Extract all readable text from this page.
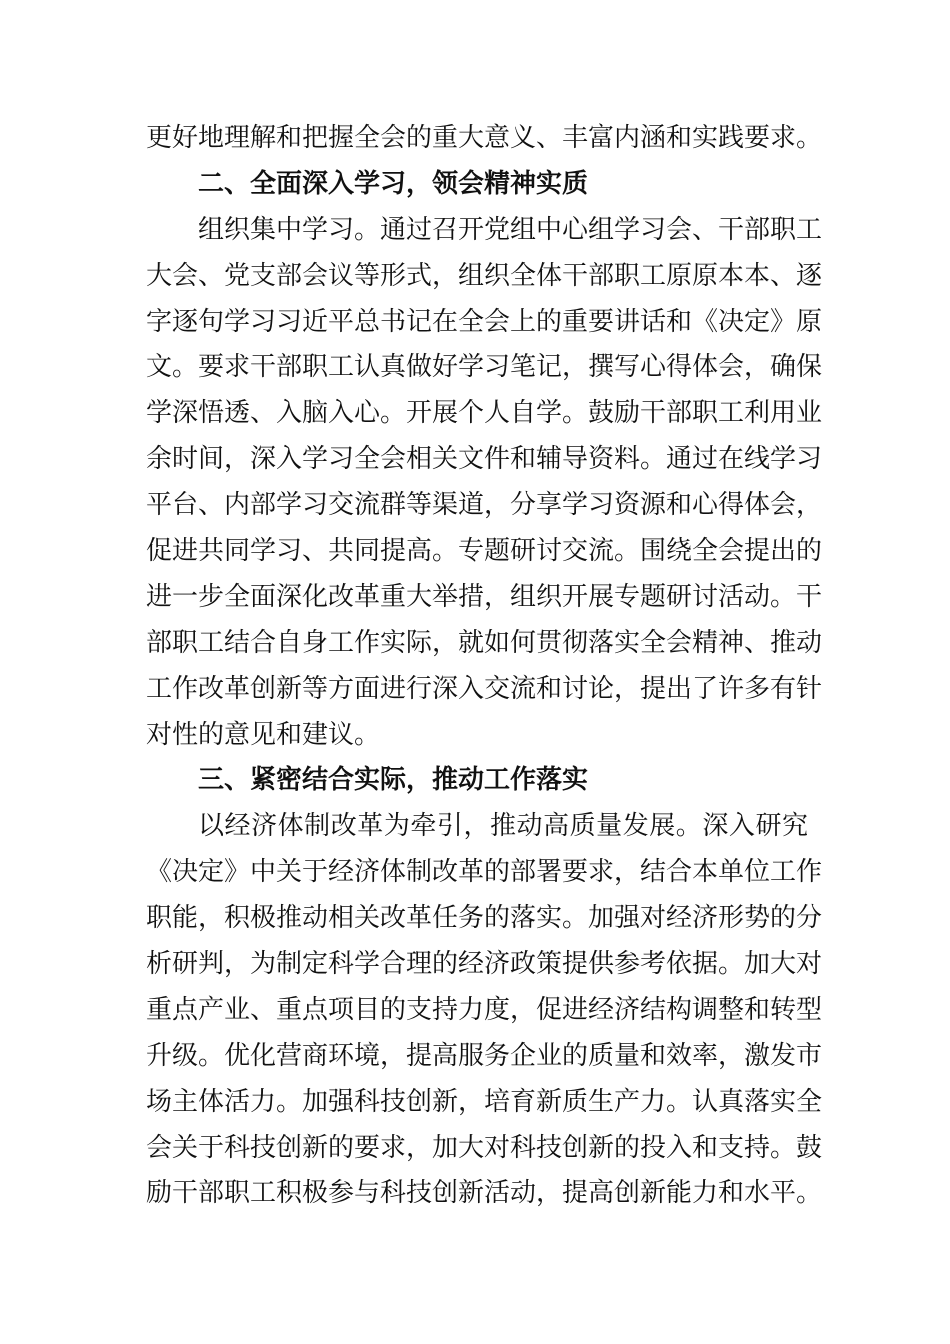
更好地理解和把握全会的重大意义、丰富内涵和实践要求。
二、全面深入学习，领会精神实质
组织集中学习。通过召开党组中心组学习会、干部职工
大会、党支部会议等形式，组织全体干部职工原原本本、逐
字逐句学习习近平总书记在全会上的重要讲话和《决定》原
文。要求干部职工认真做好学习笔记，撰写心得体会，确保
学深悟透、入脑入心。开展个人自学。鼓励干部职工利用业
余时间，深入学习全会相关文件和辅导资料。通过在线学习
平台、内部学习交流群等渠道，分享学习资源和心得体会，
促进共同学习、共同提高。专题研讨交流。围绕全会提出的
进一步全面深化改革重大举措，组织开展专题研讨活动。干
部职工结合自身工作实际，就如何贯彻落实全会精神、推动
工作改革创新等方面进行深入交流和讨论，提出了许多有针
对性的意见和建议。
三、紧密结合实际，推动工作落实
以经济体制改革为牵引，推动高质量发展。深入研究
《决定》中关于经济体制改革的部署要求，结合本单位工作
职能，积极推动相关改革任务的落实。加强对经济形势的分
析研判，为制定科学合理的经济政策提供参考依据。加大对
重点产业、重点项目的支持力度，促进经济结构调整和转型
升级。优化营商环境，提高服务企业的质量和效率，激发市
场主体活力。加强科技创新，培育新质生产力。认真落实全
会关于科技创新的要求，加大对科技创新的投入和支持。鼓
励干部职工积极参与科技创新活动，提高创新能力和水平。
